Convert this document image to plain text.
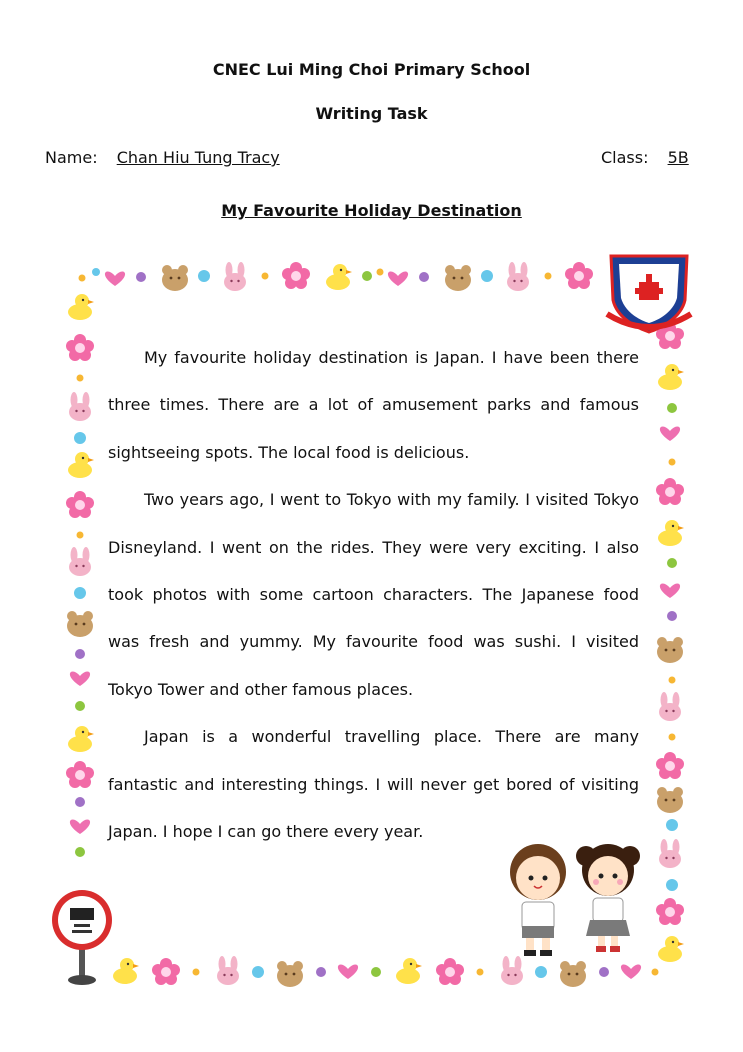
CNEC Lui Ming Choi Primary School
Writing Task
Name: Chan Hiu Tung Tracy	Class: 5B
My Favourite Holiday Destination

My favourite holiday destination is Japan. I have been there three times. There are a lot of amusement parks and famous sightseeing spots. The local food is delicious.

Two years ago, I went to Tokyo with my family. I visited Tokyo Disneyland. I went on the rides. They were very exciting. I also took photos with some cartoon characters. The Japanese food was fresh and yummy. My favourite food was sushi. I visited Tokyo Tower and other famous places.

Japan is a wonderful travelling place. There are many fantastic and interesting things. I will never get bored of visiting Japan. I hope I can go there every year.
